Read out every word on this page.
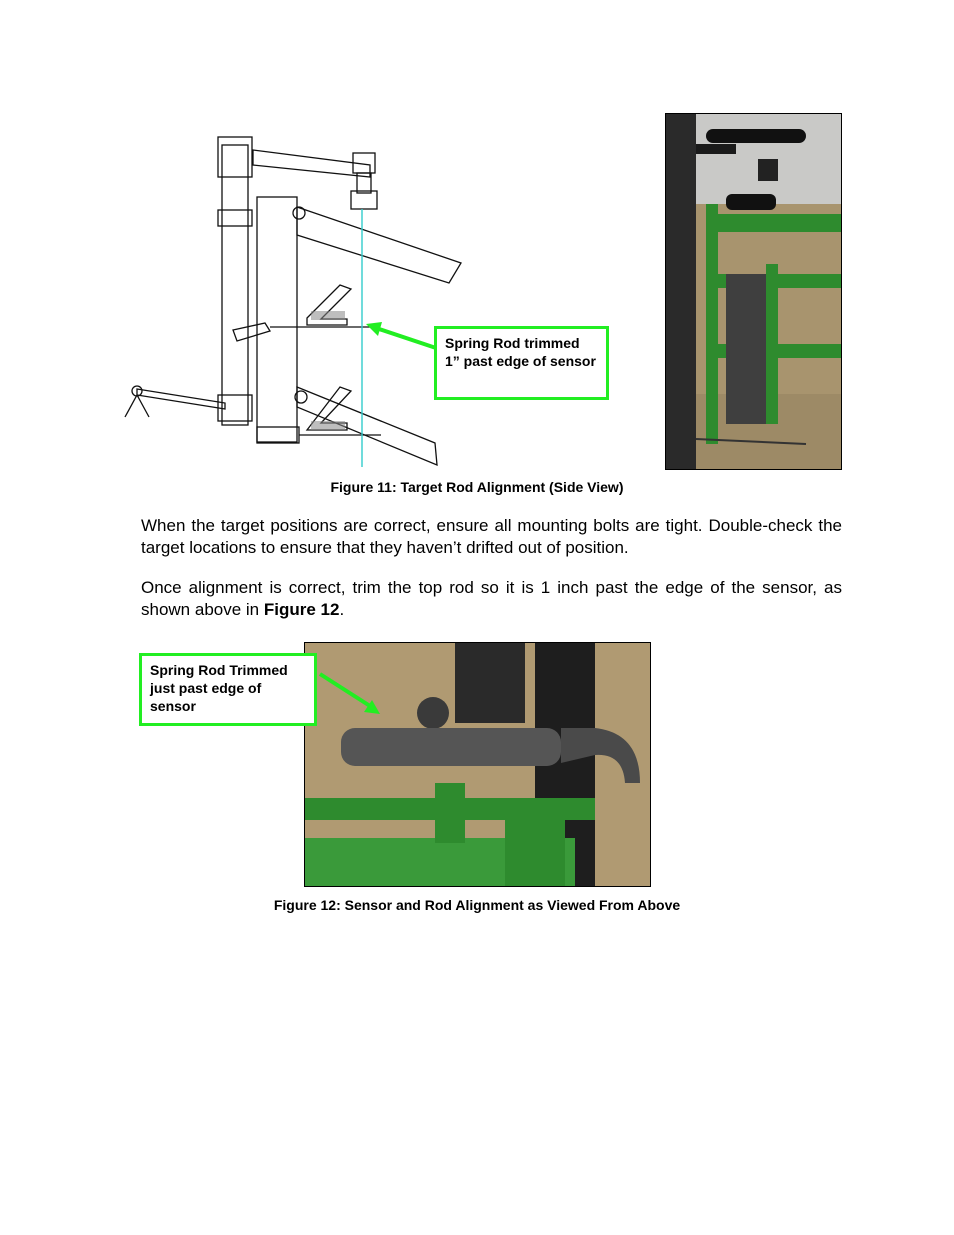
Spring Rod trimmed 1” past edge of sensor
Figure 11: Target Rod Alignment (Side View)
When the target positions are correct, ensure all mounting bolts are tight. Double-check the target locations to ensure that they haven’t drifted out of position.
Once alignment is correct, trim the top rod so it is 1 inch past the edge of the sensor, as shown above in Figure 12.
Spring Rod Trimmed just past edge of sensor
Figure 12: Sensor and Rod Alignment as Viewed From Above
